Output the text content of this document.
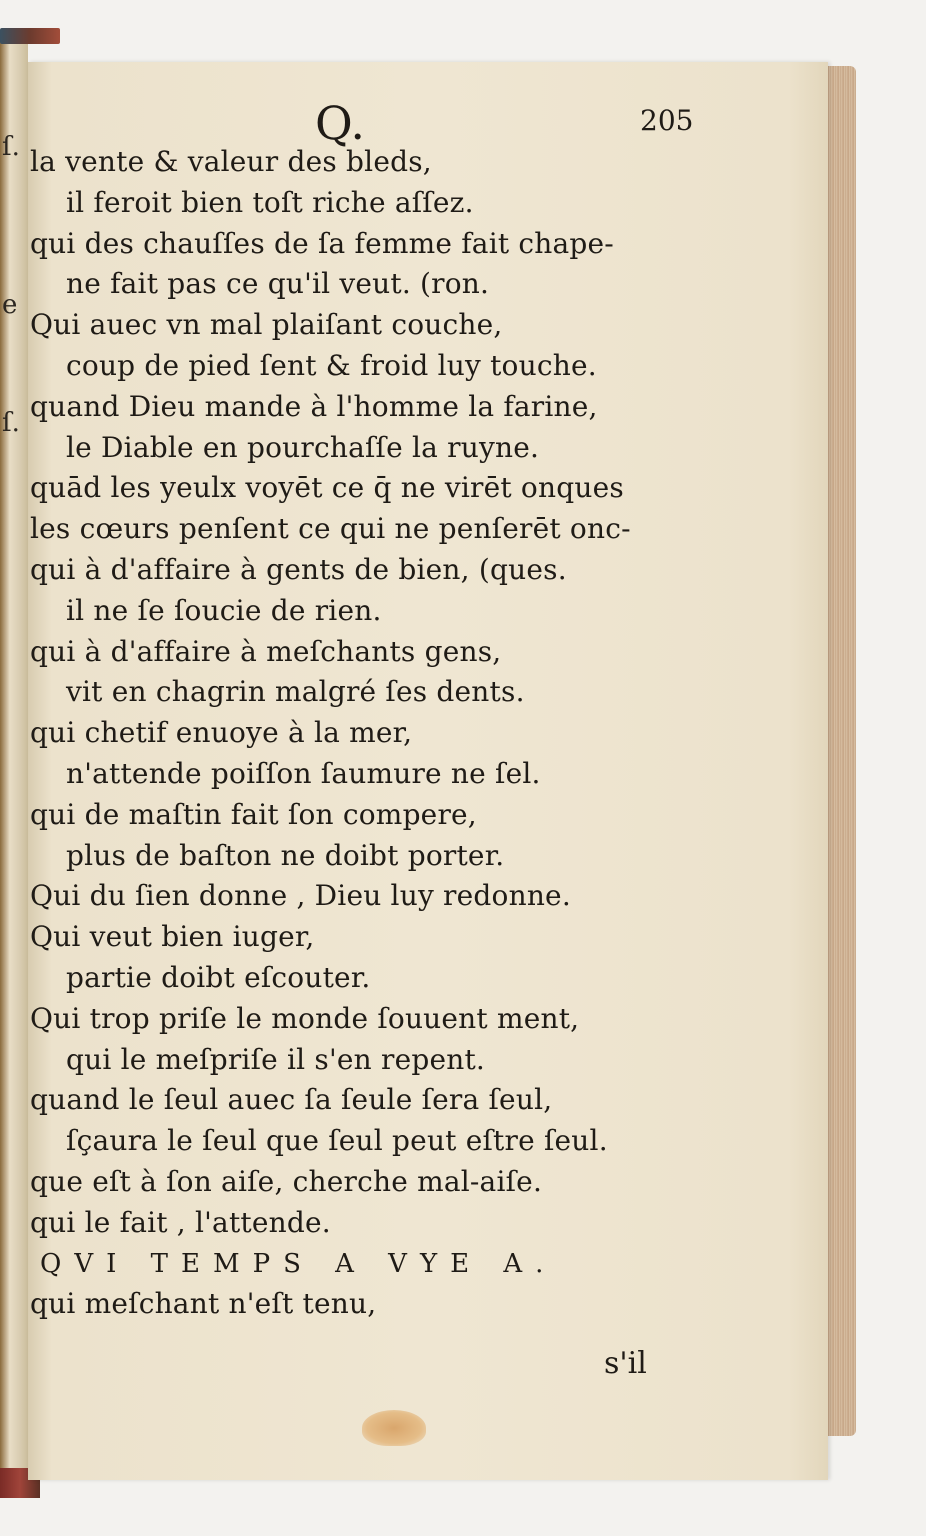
ſ.
e
ſ.
Q.	205
la vente & valeur des bleds,
il feroit bien toſt riche aſſez.
qui des chauſſes de ſa femme fait chape-
ne fait pas ce qu'il veut. (ron.
Qui auec vn mal plaiſant couche,
coup de pied ſent & froid luy touche.
quand Dieu mande à l'homme la farine,
le Diable en pourchaſſe la ruyne.
quād les yeulx voyēt ce q̄ ne virēt onques
les cœurs penſent ce qui ne penſerēt onc-
qui à d'affaire à gents de bien, (ques.
il ne ſe ſoucie de rien.
qui à d'affaire à meſchants gens,
vit en chagrin malgré ſes dents.
qui chetif enuoye à la mer,
n'attende poiſſon ſaumure ne ſel.
qui de maſtin fait ſon compere,
plus de baſton ne doibt porter.
Qui du ſien donne , Dieu luy redonne.
Qui veut bien iuger,
partie doibt eſcouter.
Qui trop priſe le monde ſouuent ment,
qui le meſpriſe il s'en repent.
quand le ſeul auec ſa ſeule ſera ſeul,
ſçaura le ſeul que ſeul peut eſtre ſeul.
que eſt à ſon aiſe, cherche mal-aiſe.
qui le fait , l'attende.
QVI TEMPS A VYE A.
qui meſchant n'eſt tenu,
s'il
